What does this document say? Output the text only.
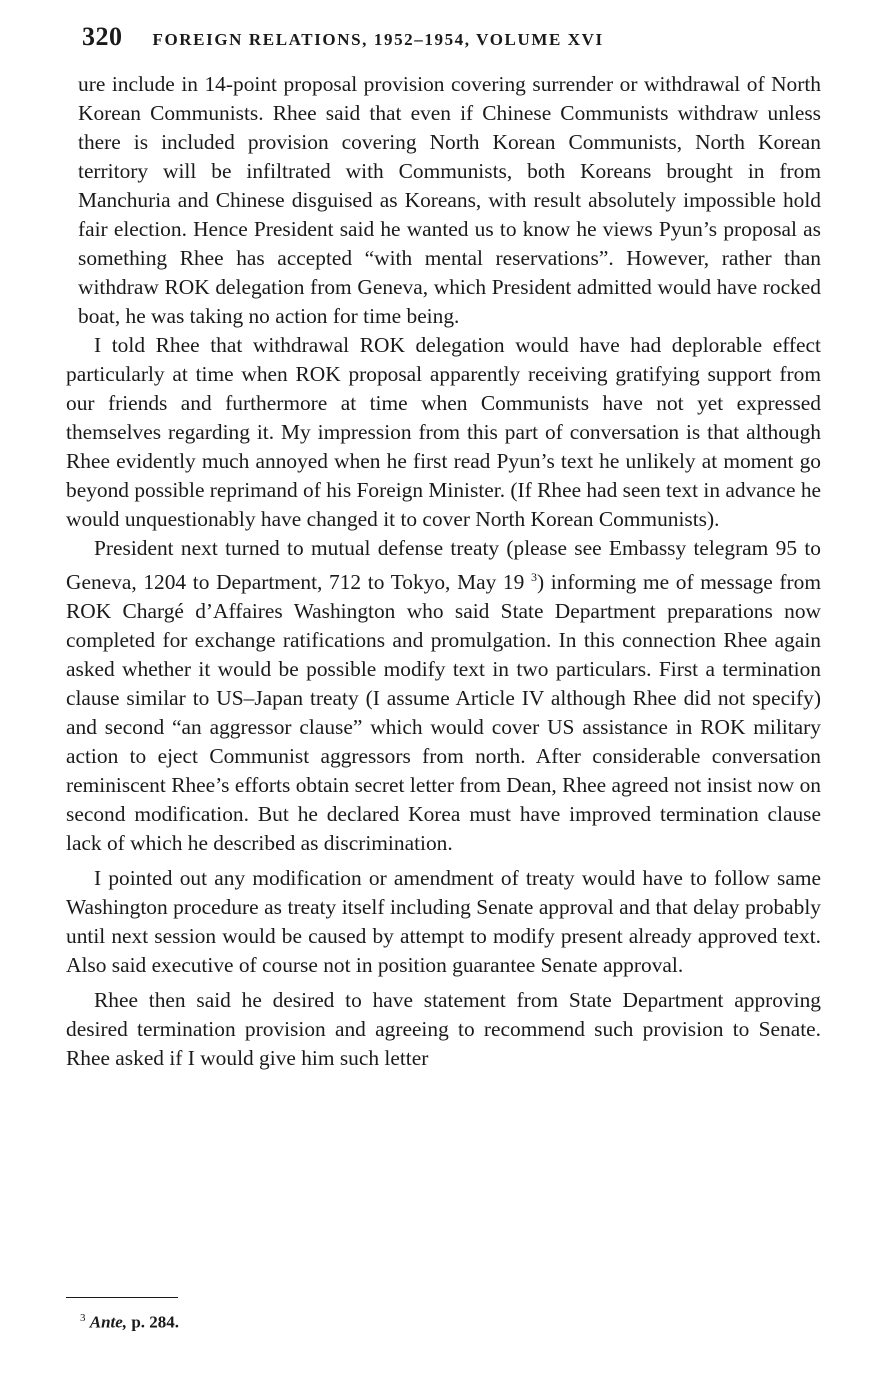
320 FOREIGN RELATIONS, 1952–1954, VOLUME XVI

ure include in 14-point proposal provision covering surrender or withdrawal of North Korean Communists. Rhee said that even if Chinese Communists withdraw unless there is included provision covering North Korean Communists, North Korean territory will be infiltrated with Communists, both Koreans brought in from Manchuria and Chinese disguised as Koreans, with result absolutely impossible hold fair election. Hence President said he wanted us to know he views Pyun’s proposal as something Rhee has accepted “with mental reservations”. However, rather than withdraw ROK delegation from Geneva, which President admitted would have rocked boat, he was taking no action for time being.

I told Rhee that withdrawal ROK delegation would have had deplorable effect particularly at time when ROK proposal apparently receiving gratifying support from our friends and furthermore at time when Communists have not yet expressed themselves regarding it. My impression from this part of conversation is that although Rhee evidently much annoyed when he first read Pyun’s text he unlikely at moment go beyond possible reprimand of his Foreign Minister. (If Rhee had seen text in advance he would unquestionably have changed it to cover North Korean Communists).

President next turned to mutual defense treaty (please see Embassy telegram 95 to Geneva, 1204 to Department, 712 to Tokyo, May 19 $^3$) informing me of message from ROK Chargé d’Affaires Washington who said State Department preparations now completed for exchange ratifications and promulgation. In this connection Rhee again asked whether it would be possible modify text in two particulars. First a termination clause similar to US–Japan treaty (I assume Article IV although Rhee did not specify) and second “an aggressor clause” which would cover US assistance in ROK military action to eject Communist aggressors from north. After considerable conversation reminiscent Rhee’s efforts obtain secret letter from Dean, Rhee agreed not insist now on second modification. But he declared Korea must have improved termination clause lack of which he described as discrimination.

I pointed out any modification or amendment of treaty would have to follow same Washington procedure as treaty itself including Senate approval and that delay probably until next session would be caused by attempt to modify present already approved text. Also said executive of course not in position guarantee Senate approval.

Rhee then said he desired to have statement from State Department approving desired termination provision and agreeing to recommend such provision to Senate. Rhee asked if I would give him such letter

$^3$ Ante, p. 284.
